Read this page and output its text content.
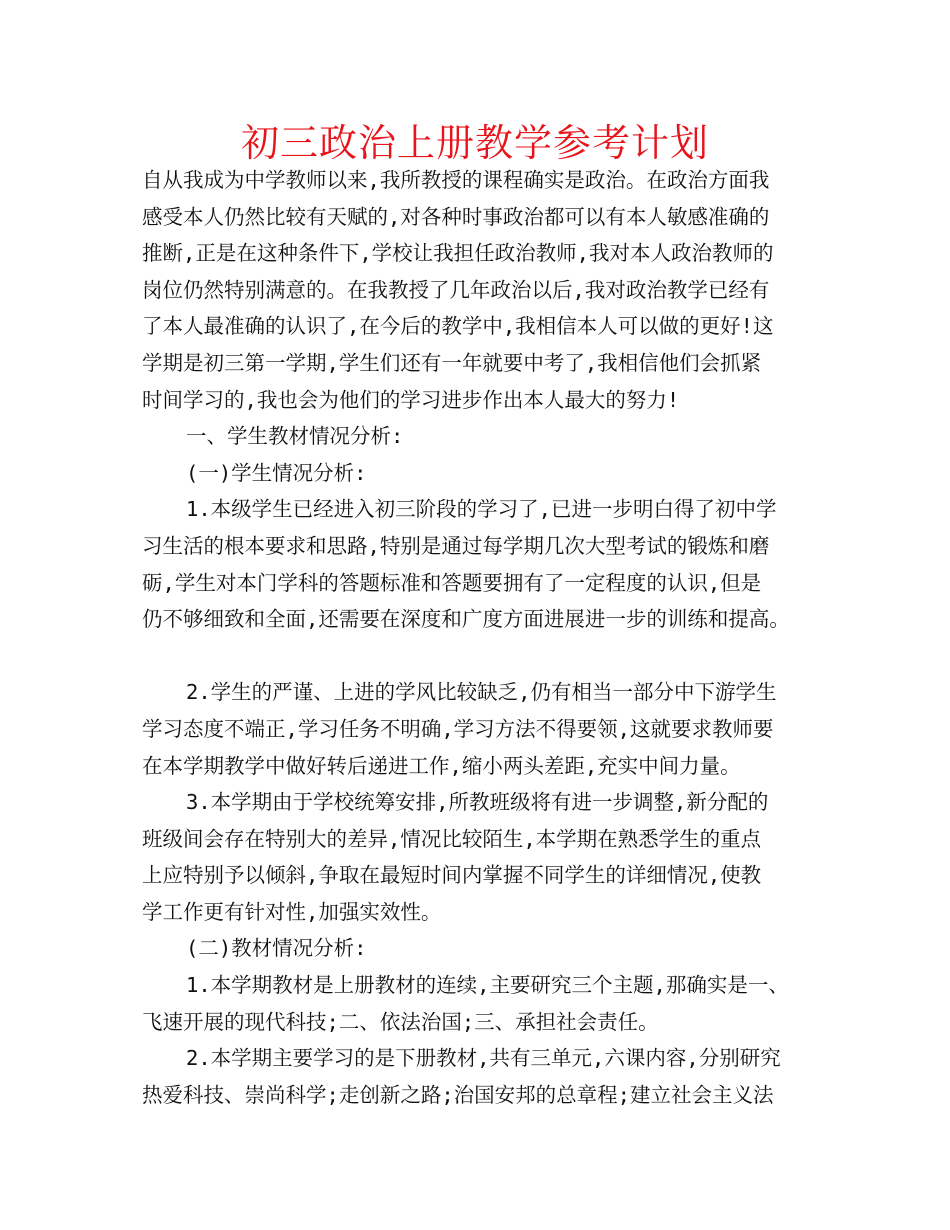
初三政治上册教学参考计划
自从我成为中学教师以来,我所教授的课程确实是政治。在政治方面我
感受本人仍然比较有天赋的,对各种时事政治都可以有本人敏感准确的
推断,正是在这种条件下,学校让我担任政治教师,我对本人政治教师的
岗位仍然特别满意的。在我教授了几年政治以后,我对政治教学已经有
了本人最准确的认识了,在今后的教学中,我相信本人可以做的更好!这
学期是初三第一学期,学生们还有一年就要中考了,我相信他们会抓紧
时间学习的,我也会为他们的学习进步作出本人最大的努力!
一、学生教材情况分析:
(一)学生情况分析:
1.本级学生已经进入初三阶段的学习了,已进一步明白得了初中学
习生活的根本要求和思路,特别是通过每学期几次大型考试的锻炼和磨
砺,学生对本门学科的答题标准和答题要拥有了一定程度的认识,但是
仍不够细致和全面,还需要在深度和广度方面进展进一步的训练和提高。
2.学生的严谨、上进的学风比较缺乏,仍有相当一部分中下游学生
学习态度不端正,学习任务不明确,学习方法不得要领,这就要求教师要
在本学期教学中做好转后递进工作,缩小两头差距,充实中间力量。
3.本学期由于学校统筹安排,所教班级将有进一步调整,新分配的
班级间会存在特别大的差异,情况比较陌生,本学期在熟悉学生的重点
上应特别予以倾斜,争取在最短时间内掌握不同学生的详细情况,使教
学工作更有针对性,加强实效性。
(二)教材情况分析:
1.本学期教材是上册教材的连续,主要研究三个主题,那确实是一、
飞速开展的现代科技;二、依法治国;三、承担社会责任。
2.本学期主要学习的是下册教材,共有三单元,六课内容,分别研究
热爱科技、崇尚科学;走创新之路;治国安邦的总章程;建立社会主义法
